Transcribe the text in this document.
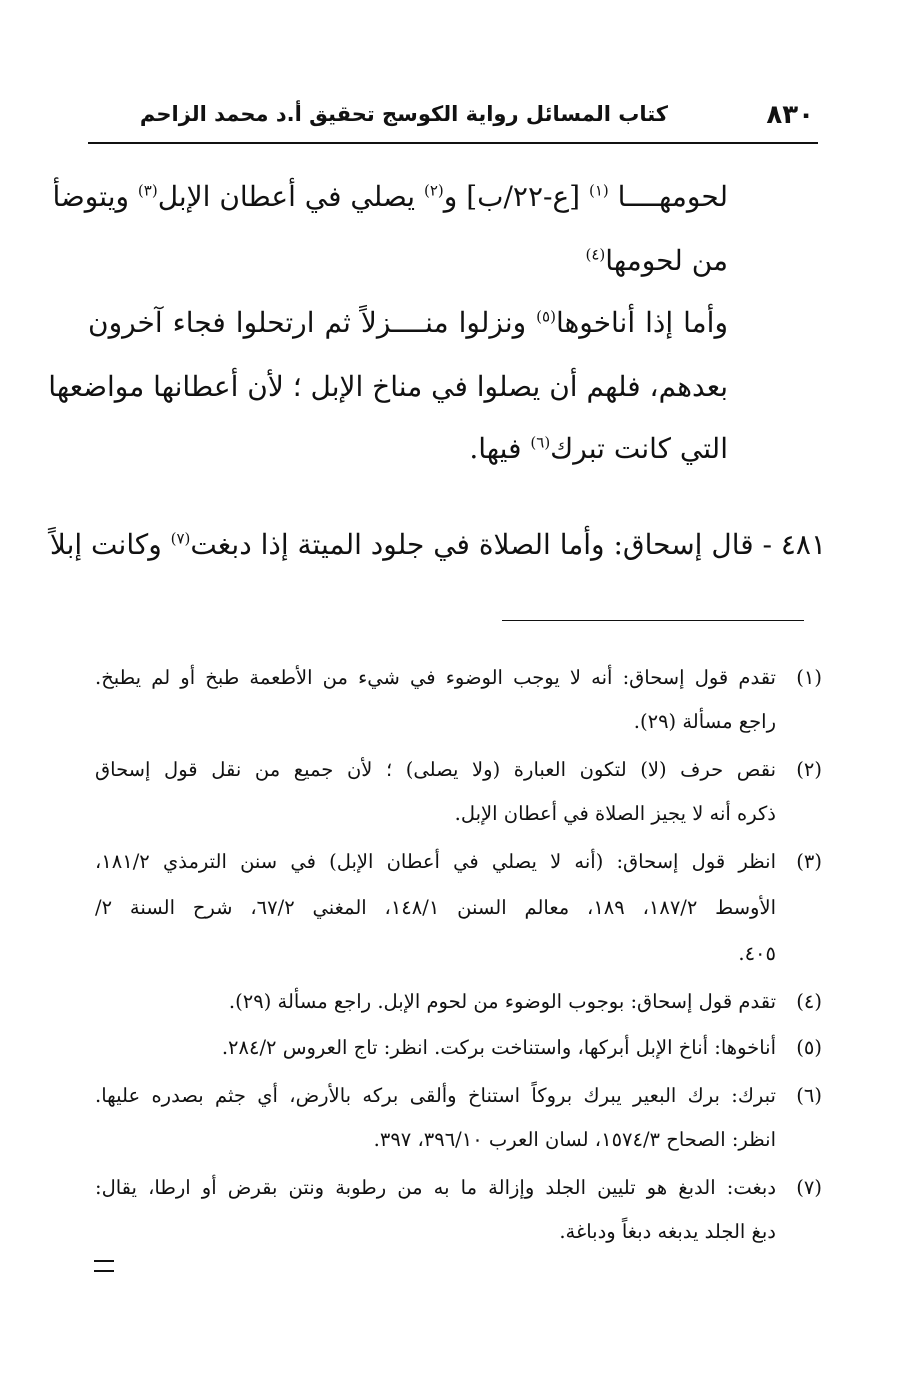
٨٣٠
كتاب المسائل رواية الكوسج تحقيق أ.د محمد الزاحم
لحومهــــا $^{(١)}$ [ع-٢٢/ب] و$^{(٢)}$ يصلي في أعطان الإبل$^{(٣)}$ ويتوضأ
من لحومها$^{(٤)}$
وأما إذا أناخوها$^{(٥)}$ ونزلوا منــــزلاً ثم ارتحلوا فجاء آخرون
بعدهم، فلهم أن يصلوا في مناخ الإبل ؛ لأن أعطانها مواضعها
التي كانت تبرك$^{(٦)}$ فيها.
٤٨١ - قال إسحاق: وأما الصلاة في جلود الميتة إذا دبغت$^{(٧)}$ وكانت إبلاً
(١)
تقدم قول إسحاق: أنه لا يوجب الوضوء في شيء من الأطعمة طبخ أو لم يطبخ.
راجع مسألة (٢٩).
(٢)
نقص حرف (لا) لتكون العبارة (ولا يصلى) ؛ لأن جميع من نقل قول إسحاق
ذكره أنه لا يجيز الصلاة في أعطان الإبل.
(٣)
انظر قول إسحاق: (أنه لا يصلي في أعطان الإبل) في سنن الترمذي ١٨١/٢،
الأوسط ١٨٧/٢، ١٨٩، معالم السنن ١٤٨/١، المغني ٦٧/٢، شرح السنة ٢/
٤٠٥.
(٤)
تقدم قول إسحاق: بوجوب الوضوء من لحوم الإبل. راجع مسألة (٢٩).
(٥)
أناخوها: أناخ الإبل أبركها، واستناخت بركت. انظر: تاج العروس ٢٨٤/٢.
(٦)
تبرك: برك البعير يبرك بروكاً استناخ وألقى بركه بالأرض، أي جثم بصدره عليها.
انظر: الصحاح ١٥٧٤/٣، لسان العرب ٣٩٦/١٠، ٣٩٧.
(٧)
دبغت: الدبغ هو تليين الجلد وإزالة ما به من رطوبة ونتن بقرض أو ارطا، يقال:
دبغ الجلد يدبغه دبغاً ودباغة.
